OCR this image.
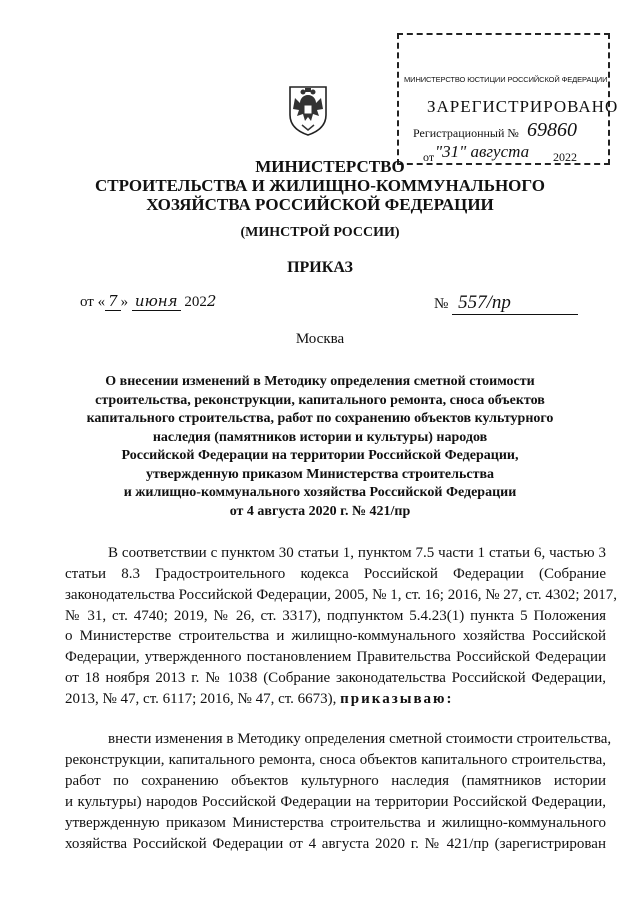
МИНИСТЕРСТВО ЮСТИЦИИ РОССИЙСКОЙ ФЕДЕРАЦИИ
ЗАРЕГИСТРИРОВАНО
Регистрационный № 69860
от "31" августа 2022
МИНИСТЕРСТВО
СТРОИТЕЛЬСТВА И ЖИЛИЩНО-КОММУНАЛЬНОГО
ХОЗЯЙСТВА РОССИЙСКОЙ ФЕДЕРАЦИИ
(МИНСТРОЙ РОССИИ)
ПРИКАЗ
от « 7 » июня 2022	№ 557/пр
Москва
О внесении изменений в Методику определения сметной стоимости
строительства, реконструкции, капитального ремонта, сноса объектов
капитального строительства, работ по сохранению объектов культурного
наследия (памятников истории и культуры) народов
Российской Федерации на территории Российской Федерации,
утвержденную приказом Министерства строительства
и жилищно-коммунального хозяйства Российской Федерации
от 4 августа 2020 г. № 421/пр
В соответствии с пунктом 30 статьи 1, пунктом 7.5 части 1 статьи 6, частью 3
статьи 8.3 Градостроительного кодекса Российской Федерации (Собрание
законодательства Российской Федерации, 2005, № 1, ст. 16; 2016, № 27, ст. 4302; 2017,
№ 31, ст. 4740; 2019, № 26, ст. 3317), подпунктом 5.4.23(1) пункта 5 Положения
о Министерстве строительства и жилищно-коммунального хозяйства Российской
Федерации, утвержденного постановлением Правительства Российской Федерации
от 18 ноября 2013 г. № 1038 (Собрание законодательства Российской Федерации,
2013, № 47, ст. 6117; 2016, № 47, ст. 6673), приказываю:
внести изменения в Методику определения сметной стоимости строительства,
реконструкции, капитального ремонта, сноса объектов капитального строительства,
работ по сохранению объектов культурного наследия (памятников истории
и культуры) народов Российской Федерации на территории Российской Федерации,
утвержденную приказом Министерства строительства и жилищно-коммунального
хозяйства Российской Федерации от 4 августа 2020 г. № 421/пр (зарегистрирован
